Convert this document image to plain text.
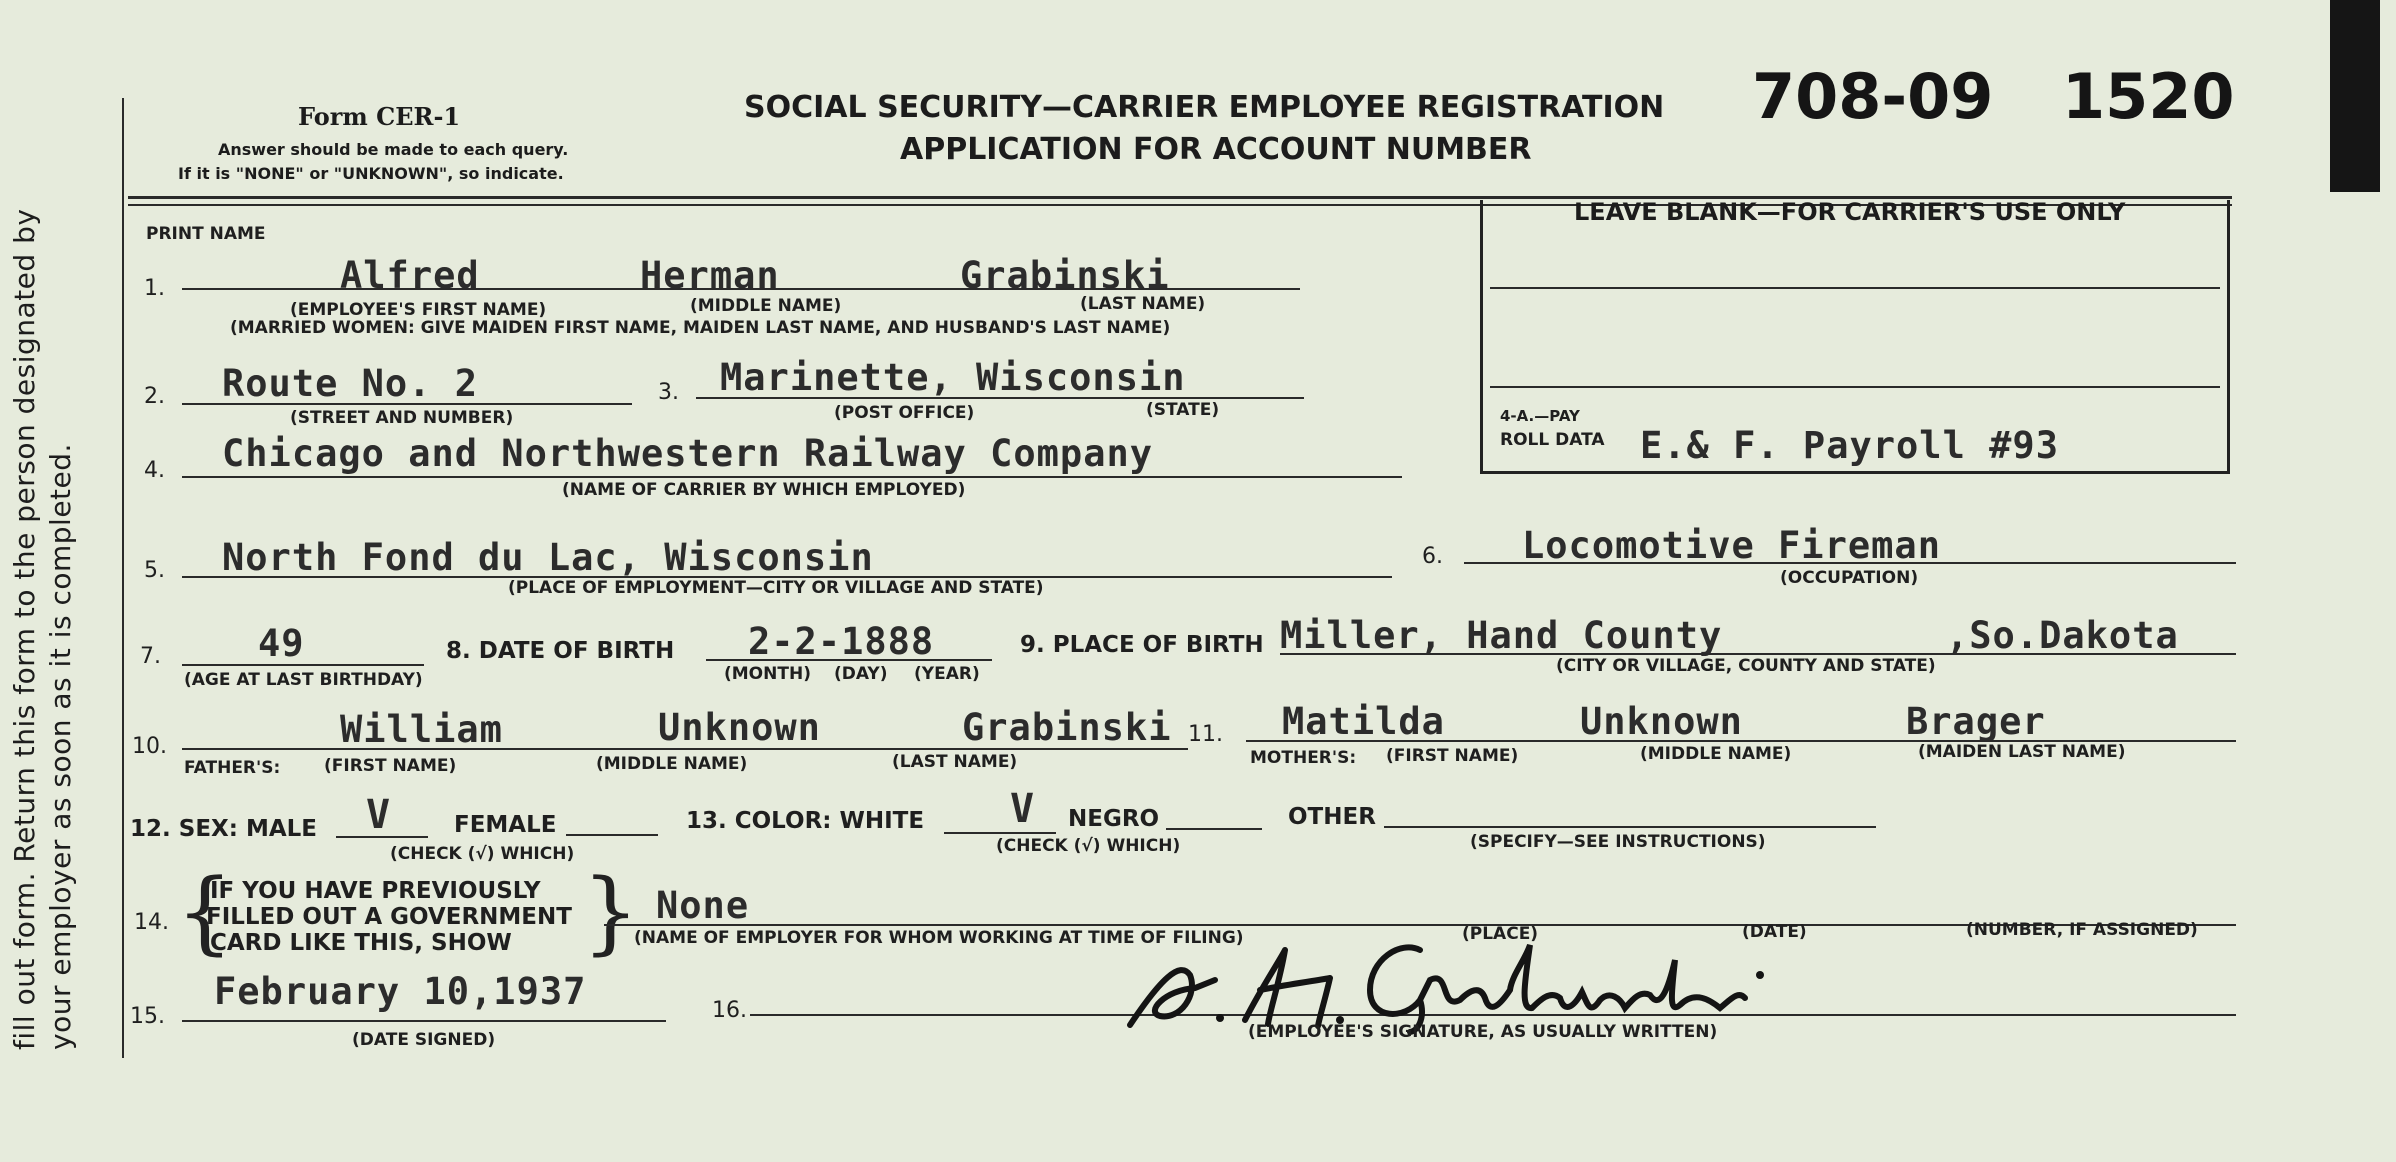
fill out form. Return this form to the person designated by your employer as soon as it is completed.
Form CER-1
Answer should be made to each query.
If it is "NONE" or "UNKNOWN", so indicate.
SOCIAL SECURITY—CARRIER EMPLOYEE REGISTRATION
APPLICATION FOR ACCOUNT NUMBER
708-09 1520
LEAVE BLANK—FOR CARRIER'S USE ONLY
4-A.—PAY
ROLL DATA E.& F. Payroll #93
PRINT NAME
1.	Alfred	Herman	Grabinski
(EMPLOYEE'S FIRST NAME)	(MIDDLE NAME)	(LAST NAME)
(MARRIED WOMEN: GIVE MAIDEN FIRST NAME, MAIDEN LAST NAME, AND HUSBAND'S LAST NAME)
2. Route No. 2
(STREET AND NUMBER)
3. Marinette, Wisconsin
(POST OFFICE)	(STATE)
4. Chicago and Northwestern Railway Company
(NAME OF CARRIER BY WHICH EMPLOYED)
5. North Fond du Lac, Wisconsin
(PLACE OF EMPLOYMENT—CITY OR VILLAGE AND STATE)
6. Locomotive Fireman
(OCCUPATION)
7.	49
(AGE AT LAST BIRTHDAY)
8. DATE OF BIRTH 2-2-1888
(MONTH) (DAY) (YEAR)
9. PLACE OF BIRTH Miller, Hand County	,So.Dakota
(CITY OR VILLAGE, COUNTY AND STATE)
10.	William	Unknown	Grabinski
FATHER'S:	(FIRST NAME)	(MIDDLE NAME)	(LAST NAME)
11. Matilda	Unknown	Brager
MOTHER'S: (FIRST NAME)	(MIDDLE NAME)	(MAIDEN LAST NAME)
12. SEX: MALE V	FEMALE
(CHECK (√) WHICH)
13. COLOR: WHITE V NEGRO
(CHECK (√) WHICH)
OTHER
(SPECIFY—SEE INSTRUCTIONS)
14. {
IF YOU HAVE PREVIOUSLY
FILLED OUT A GOVERNMENT
CARD LIKE THIS, SHOW } None
(NAME OF EMPLOYER FOR WHOM WORKING AT TIME OF FILING)	(PLACE)	(DATE)	(NUMBER, IF ASSIGNED)
15.
February 10,1937
(DATE SIGNED)
16.
(EMPLOYEE'S SIGNATURE, AS USUALLY WRITTEN)
